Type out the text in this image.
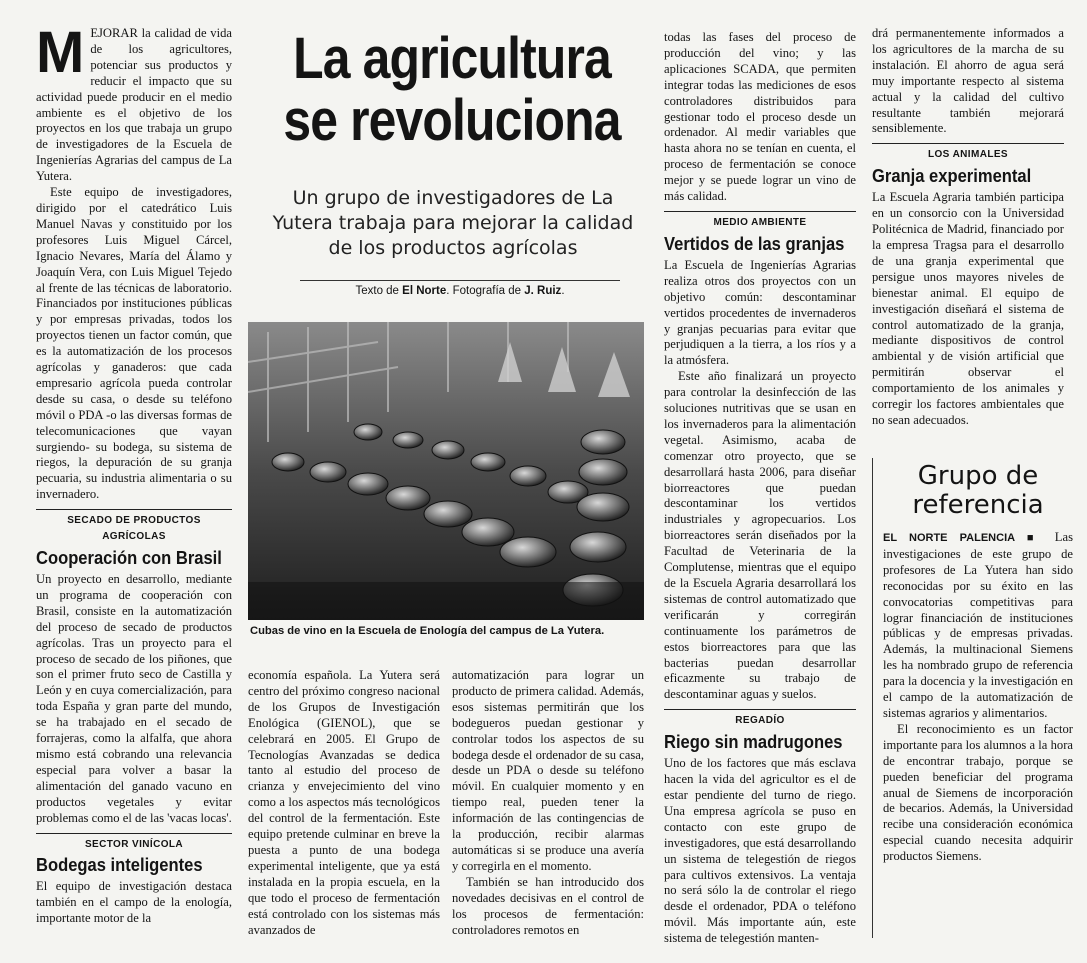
MEJORAR la calidad de vida de los agricultores, potenciar sus productos y reducir el impacto que su actividad puede producir en el medio ambiente es el objetivo de los proyectos en los que trabaja un grupo de investigadores de la Escuela de Ingenierías Agrarias del campus de La Yutera.

Este equipo de investigadores, dirigido por el catedrático Luis Manuel Navas y constituido por los profesores Luis Miguel Cárcel, Ignacio Nevares, María del Álamo y Joaquín Vera, con Luis Miguel Tejedo al frente de las técnicas de laboratorio. Financiados por instituciones públicas y por empresas privadas, todos los proyectos tienen un factor común, que es la automatización de los procesos agrícolas y ganaderos: que cada empresario agrícola pueda controlar desde su casa, o desde su teléfono móvil o PDA -o las diversas formas de telecomunicaciones que vayan surgiendo- su bodega, su sistema de riegos, la depuración de su granja pecuaria, su industria alimentaria o su invernadero.

SECADO DE PRODUCTOS AGRÍCOLAS
Cooperación con Brasil

Un proyecto en desarrollo, mediante un programa de cooperación con Brasil, consiste en la automatización del proceso de secado de productos agrícolas. Tras un proyecto para el proceso de secado de los piñones, que son el primer fruto seco de Castilla y León y en cuya comercialización, para toda España y gran parte del mundo, se ha trabajado en el secado de forrajeras, como la alfalfa, que ahora mismo está cobrando una relevancia especial para volver a basar la alimentación del ganado vacuno en productos vegetales y evitar problemas como el de las 'vacas locas'.

SECTOR VINÍCOLA
Bodegas inteligentes

El equipo de investigación destaca también en el campo de la enología, importante motor de la

La agricultura
se revoluciona
Un grupo de investigadores de La Yutera trabaja para mejorar la calidad de los productos agrícolas
Texto de El Norte. Fotografía de J. Ruiz.
Cubas de vino en la Escuela de Enología del campus de La Yutera.

economía española. La Yutera será centro del próximo congreso nacional de los Grupos de Investigación Enológica (GIENOL), que se celebrará en 2005. El Grupo de Tecnologías Avanzadas se dedica tanto al estudio del proceso de crianza y envejecimiento del vino como a los aspectos más tecnológicos del control de la fermentación. Este equipo pretende culminar en breve la puesta a punto de una bodega experimental inteligente, que ya está instalada en la propia escuela, en la que todo el proceso de fermentación está controlado con los sistemas más avanzados de

automatización para lograr un producto de primera calidad. Además, esos sistemas permitirán que los bodegueros puedan gestionar y controlar todos los aspectos de su bodega desde el ordenador de su casa, desde un PDA o desde su teléfono móvil. En cualquier momento y en tiempo real, pueden tener la información de las contingencias de la producción, recibir alarmas automáticas si se produce una avería y corregirla en el momento.

También se han introducido dos novedades decisivas en el control de los procesos de fermentación: controladores remotos en

todas las fases del proceso de producción del vino; y las aplicaciones SCADA, que permiten integrar todas las mediciones de esos controladores distribuidos para gestionar todo el proceso desde un ordenador. Al medir variables que hasta ahora no se tenían en cuenta, el proceso de fermentación se conoce mejor y se puede lograr un vino de más calidad.

MEDIO AMBIENTE
Vertidos de las granjas

La Escuela de Ingenierías Agrarias realiza otros dos proyectos con un objetivo común: descontaminar vertidos procedentes de invernaderos y granjas pecuarias para evitar que perjudiquen a la tierra, a los ríos y a la atmósfera.

Este año finalizará un proyecto para controlar la desinfección de las soluciones nutritivas que se usan en los invernaderos para la alimentación vegetal. Asimismo, acaba de comenzar otro proyecto, que se desarrollará hasta 2006, para diseñar biorreactores que puedan descontaminar los vertidos industriales y agropecuarios. Los biorreactores serán diseñados por la Facultad de Veterinaria de la Complutense, mientras que el equipo de la Escuela Agraria desarrollará los sistemas de control automatizado que verificarán y corregirán continuamente los parámetros de estos biorreactores para que las bacterias puedan desarrollar eficazmente su trabajo de descontaminar aguas y suelos.

REGADÍO
Riego sin madrugones

Uno de los factores que más esclava hacen la vida del agricultor es el de estar pendiente del turno de riego. Una empresa agrícola se puso en contacto con este grupo de investigadores, que está desarrollando un sistema de telegestión de riegos para cultivos extensivos. La ventaja no será sólo la de controlar el riego desde el ordenador, PDA o teléfono móvil. Más importante aún, este sistema de telegestión manten-

drá permanentemente informados a los agricultores de la marcha de su instalación. El ahorro de agua será muy importante respecto al sistema actual y la calidad del cultivo resultante también mejorará sensiblemente.

LOS ANIMALES
Granja experimental

La Escuela Agraria también participa en un consorcio con la Universidad Politécnica de Madrid, financiado por la empresa Tragsa para el desarrollo de una granja experimental que persigue unos mayores niveles de bienestar animal. El equipo de investigación diseñará el sistema de control automatizado de la granja, mediante dispositivos de control ambiental y de visión artificial que permitirán observar el comportamiento de los animales y corregir los factores ambientales que no sean adecuados.

Grupo de
referencia

EL NORTE PALENCIA ■ Las investigaciones de este grupo de profesores de La Yutera han sido reconocidas por su éxito en las convocatorias competitivas para lograr financiación de instituciones públicas y de empresas privadas. Además, la multinacional Siemens les ha nombrado grupo de referencia para la docencia y la investigación en el campo de la automatización de sistemas agrarios y alimentarios.

El reconocimiento es un factor importante para los alumnos a la hora de encontrar trabajo, porque se pueden beneficiar del programa anual de Siemens de incorporación de becarios. Además, la Universidad recibe una consideración económica especial cuando necesita adquirir productos Siemens.
